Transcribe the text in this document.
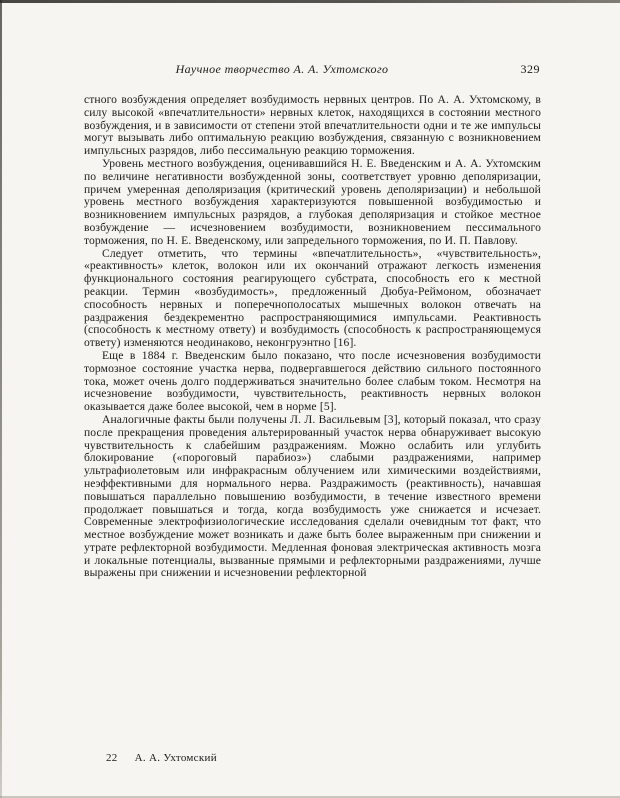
Научное творчество А. А. Ухтомского	329

стного возбуждения определяет возбудимость нервных центров. По А. А. Ухтомскому, в силу высокой «впечатлительности» нервных клеток, находящихся в состоянии местного возбуждения, и в зависимости от степени этой впечатлительности одни и те же импульсы могут вызывать либо оптимальную реакцию возбуждения, связанную с возникновением импульсных разрядов, либо пессимальную реакцию торможения.

Уровень местного возбуждения, оценивавшийся Н. Е. Введенским и А. А. Ухтомским по величине негативности возбужденной зоны, соответствует уровню деполяризации, причем умеренная деполяризация (критический уровень деполяризации) и небольшой уровень местного возбуждения характеризуются повышенной возбудимостью и возникновением импульсных разрядов, а глубокая деполяризация и стойкое местное возбуждение — исчезновением возбудимости, возникновением пессимального торможения, по Н. Е. Введенскому, или запредельного торможения, по И. П. Павлову.

Следует отметить, что термины «впечатлительность», «чувствительность», «реактивность» клеток, волокон или их окончаний отражают легкость изменения функционального состояния реагирующего субстрата, способность его к местной реакции. Термин «возбудимость», предложенный Дюбуа-Реймоном, обозначает способность нервных и поперечнополосатых мышечных волокон отвечать на раздражения бездекрементно распространяющимися импульсами. Реактивность (способность к местному ответу) и возбудимость (способность к распространяющемуся ответу) изменяются неодинаково, неконгруэнтно [16].

Еще в 1884 г. Введенским было показано, что после исчезновения возбудимости тормозное состояние участка нерва, подвергавшегося действию сильного постоянного тока, может очень долго поддерживаться значительно более слабым током. Несмотря на исчезновение возбудимости, чувствительность, реактивность нервных волокон оказывается даже более высокой, чем в норме [5].

Аналогичные факты были получены Л. Л. Васильевым [3], который показал, что сразу после прекращения проведения альтерированный участок нерва обнаруживает высокую чувствительность к слабейшим раздражениям. Можно ослабить или углубить блокирование («пороговый парабиоз») слабыми раздражениями, например ультрафиолетовым или инфракрасным облучением или химическими воздействиями, неэффективными для нормального нерва. Раздражимость (реактивность), начавшая повышаться параллельно повышению возбудимости, в течение известного времени продолжает повышаться и тогда, когда возбудимость уже снижается и исчезает. Современные электрофизиологические исследования сделали очевидным тот факт, что местное возбуждение может возникать и даже быть более выраженным при снижении и утрате рефлекторной возбудимости. Медленная фоновая электрическая активность мозга и локальные потенциалы, вызванные прямыми и рефлекторными раздражениями, лучше выражены при снижении и исчезновении рефлекторной

22 А. А. Ухтомский
